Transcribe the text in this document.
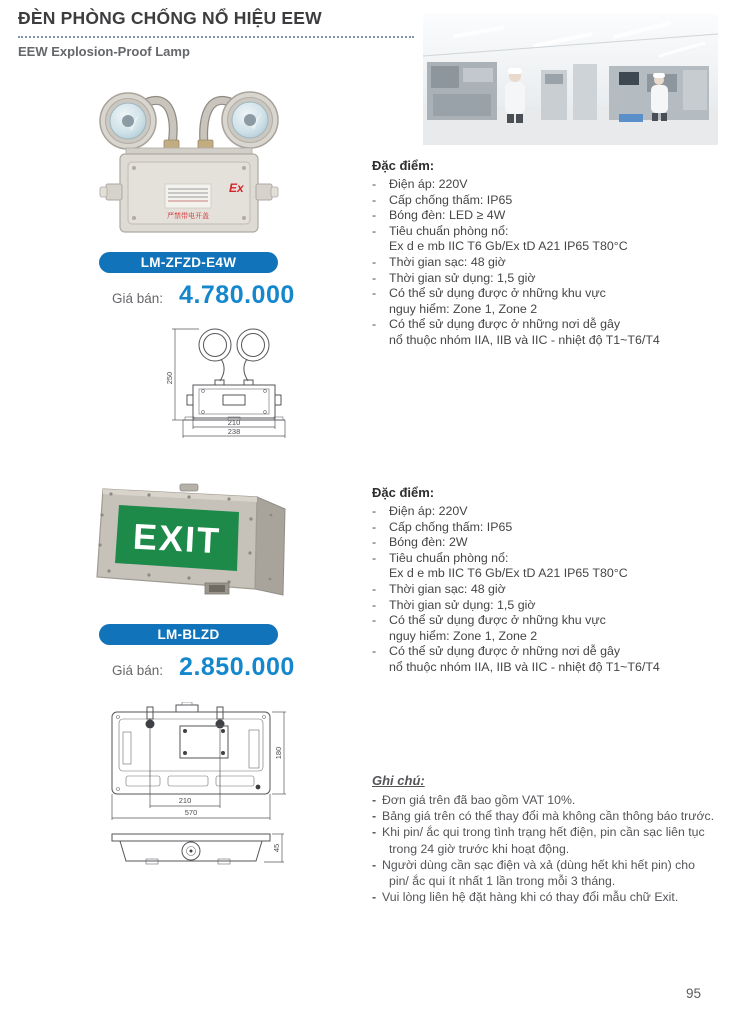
ĐÈN PHÒNG CHỐNG NỔ HIỆU EEW
EEW Explosion-Proof Lamp
Ex
严禁带电开盖
Đặc điểm:
-	Điện áp: 220V
-	Cấp chống thấm: IP65
-	Bóng đèn: LED ≥ 4W
-	Tiêu chuẩn phòng nổ:
Ex d e mb IIC T6 Gb/Ex tD A21 IP65 T80°C
-	Thời gian sạc: 48 giờ
-	Thời gian sử dụng: 1,5 giờ
-	Có thể sử dụng được ở những khu vực
nguy hiểm: Zone 1, Zone 2
-	Có thể sử dụng được ở những nơi dễ gây
nổ thuộc nhóm IIA, IIB và IIC - nhiệt độ T1~T6/T4
LM-ZFZD-E4W
Giá bán: 4.780.000
250
210
238
EXIT
Đặc điểm:
-	Điện áp: 220V
-	Cấp chống thấm: IP65
-	Bóng đèn: 2W
-	Tiêu chuẩn phòng nổ:
Ex d e mb IIC T6 Gb/Ex tD A21 IP65 T80°C
-	Thời gian sạc: 48 giờ
-	Thời gian sử dụng: 1,5 giờ
-	Có thể sử dụng được ở những khu vực
nguy hiểm: Zone 1, Zone 2
-	Có thể sử dụng được ở những nơi dễ gây
nổ thuộc nhóm IIA, IIB và IIC - nhiệt độ T1~T6/T4
LM-BLZD
Giá bán: 2.850.000
210
570
180
45
Ghi chú:
- Đơn giá trên đã bao gồm VAT 10%.
- Bảng giá trên có thể thay đổi mà không cần thông báo trước.
- Khi pin/ ắc qui trong tình trạng hết điện, pin cần sạc liên tục
trong 24 giờ trước khi hoạt động.
- Người dùng cần sạc điện và xả (dùng hết khi hết pin) cho
pin/ ắc qui ít nhất 1 lần trong mỗi 3 tháng.
- Vui lòng liên hệ đặt hàng khi có thay đổi mẫu chữ Exit.
95
